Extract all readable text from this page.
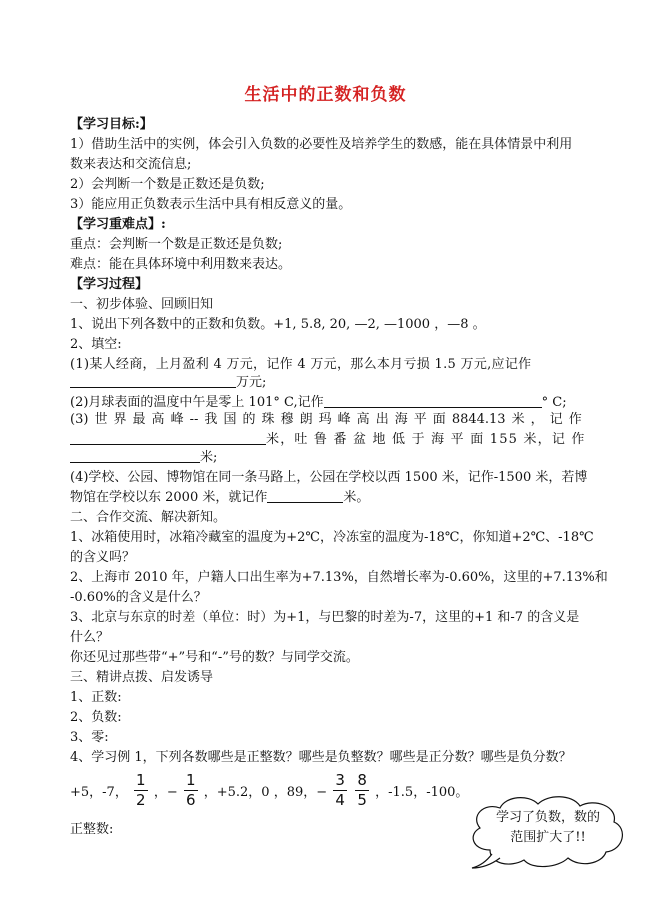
生活中的正数和负数
【学习目标:】
1）借助生活中的实例，体会引入负数的必要性及培养学生的数感，能在具体情景中利用
数来表达和交流信息;
2）会判断一个数是正数还是负数;
3）能应用正负数表示生活中具有相反意义的量。
【学习重难点】:
重点：会判断一个数是正数还是负数;
难点：能在具体环境中利用数来表达。
【学习过程】
一、初步体验、回顾旧知
1、说出下列各数中的正数和负数。+1, 5.8, 20, —2, —1000 ，—8 。
2、填空:
(1)某人经商，上月盈利 4 万元，记作 4 万元，那么本月亏损 1.5 万元,应记作
万元;
(2)月球表面的温度中午是零上 101° C,记作	° C;
(3) 世 界 最 高 峰 -- 我 国 的 珠 穆 朗 玛 峰 高 出 海 平 面 8844.13 米 ， 记 作
米，吐 鲁 番 盆 地 低 于 海 平 面 155 米，记 作
米;
(4)学校、公园、博物馆在同一条马路上，公园在学校以西 1500 米，记作-1500 米，若博
物馆在学校以东 2000 米，就记作	米。
二、合作交流、解决新知。
1、冰箱使用时，冰箱冷藏室的温度为+2℃，冷冻室的温度为-18℃，你知道+2℃、-18℃
的含义吗？
2、上海市 2010 年，户籍人口出生率为+7.13%，自然增长率为-0.60%，这里的+7.13%和
-0.60%的含义是什么？
3、北京与东京的时差（单位：时）为+1，与巴黎的时差为-7，这里的+1 和-7 的含义是
什么？
你还见过那些带“+”号和“-”号的数？与同学交流。
三、精讲点拨、启发诱导
1、正数:
2、负数:
3、零:
4、学习例 1，下列各数哪些是正整数？哪些是负整数？哪些是正分数？哪些是负分数？
+5，-7， $\frac{1}{2}$ ，− $\frac{1}{6}$ ，+5.2，0 ，89，− $\frac{3}{4} \frac{8}{5}$ ，-1.5，-100。
正整数:
学习了负数，数的
范围扩大了!!
